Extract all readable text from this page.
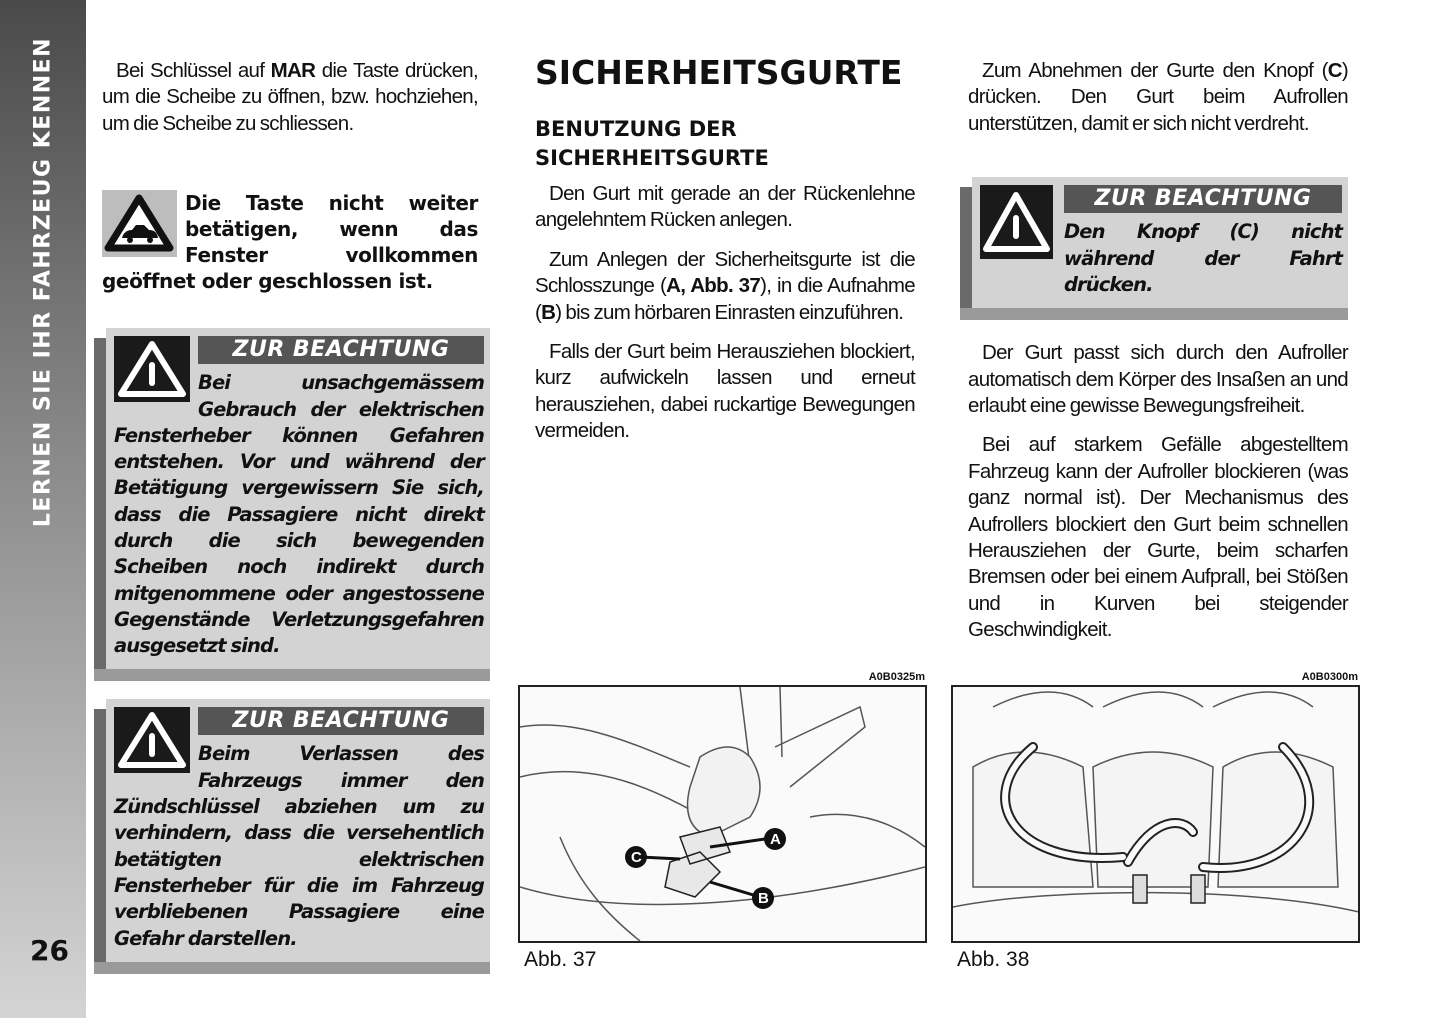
LERNEN SIE IHR FAHRZEUG KENNEN
26
Bei Schlüssel auf MAR die Taste drücken, um die Scheibe zu öffnen, bzw. hochziehen, um die Scheibe zu schliessen.
Die Taste nicht weiter betätigen, wenn das Fenster vollkommen geöffnet oder geschlossen ist.
ZUR BEACHTUNG
Bei unsachgemässem Gebrauch der elektrischen Fensterheber können Gefahren entstehen. Vor und während der Betätigung vergewissern Sie sich, dass die Passagiere nicht direkt durch die sich bewegenden Scheiben noch indirekt durch mitgenommene oder angestossene Gegenstände Verletzungsgefahren ausgesetzt sind.
ZUR BEACHTUNG
Beim Verlassen des Fahrzeugs immer den Zündschlüssel abziehen um zu verhindern, dass die versehentlich betätigten elektrischen Fensterheber für die im Fahrzeug verbliebenen Passagiere eine Gefahr darstellen.
SICHERHEITSGURTE
BENUTZUNG DER
SICHERHEITSGURTE
Den Gurt mit gerade an der Rückenlehne angelehntem Rücken anlegen.
Zum Anlegen der Sicherheitsgurte ist die Schlosszunge (A, Abb. 37), in die Aufnahme (B) bis zum hörbaren Einrasten einzuführen.
Falls der Gurt beim Herausziehen blockiert, kurz aufwickeln lassen und erneut herausziehen, dabei ruckartige Bewegungen vermeiden.
A0B0325m
A
B
C
Abb. 37
Zum Abnehmen der Gurte den Knopf (C) drücken. Den Gurt beim Aufrollen unterstützen, damit er sich nicht verdreht.
ZUR BEACHTUNG
Den Knopf (C) nicht während der Fahrt drücken.
Der Gurt passt sich durch den Aufroller automatisch dem Körper des Insaßen an und erlaubt eine gewisse Bewegungsfreiheit.
Bei auf starkem Gefälle abgestelltem Fahrzeug kann der Aufroller blockieren (was ganz normal ist). Der Mechanismus des Aufrollers blockiert den Gurt beim schnellen Herausziehen der Gurte, beim scharfen Bremsen oder bei einem Aufprall, bei Stößen und in Kurven bei steigender Geschwindigkeit.
A0B0300m
Abb. 38
